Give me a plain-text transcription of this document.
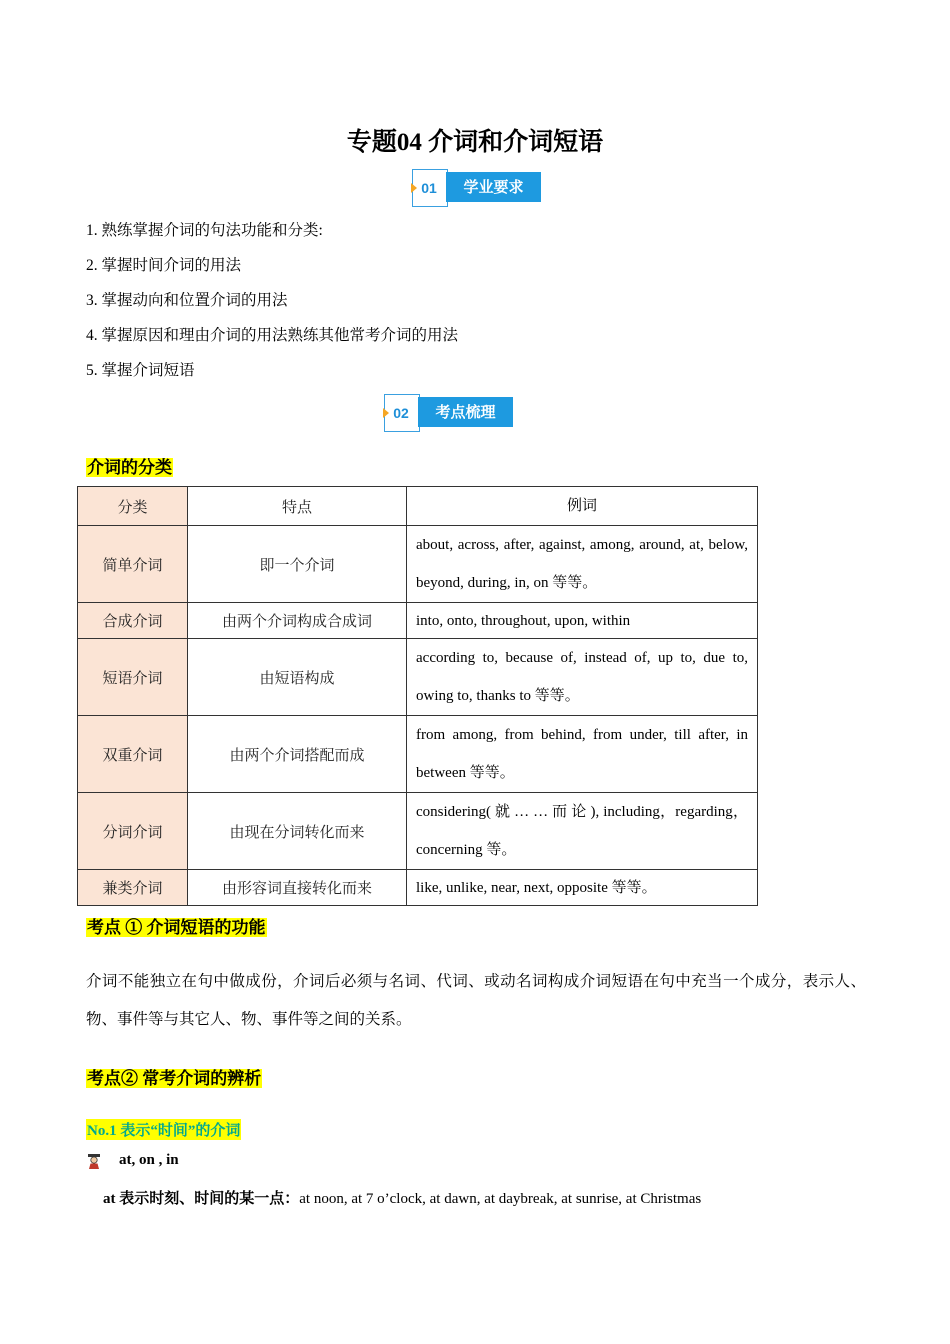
专题04 介词和介词短语
01	学业要求
1. 熟练掌握介词的句法功能和分类:
2. 掌握时间介词的用法
3. 掌握动向和位置介词的用法
4. 掌握原因和理由介词的用法熟练其他常考介词的用法
5. 掌握介词短语
02	考点梳理
介词的分类
分类	特点	例词
简单介词	即一个介词	about, across, after, against, among, around, at, below, beyond, during, in, on 等等。
合成介词	由两个介词构成合成词	into, onto, throughout, upon, within
短语介词	由短语构成	according to, because of, instead of, up to, due to, owing to, thanks to 等等。
双重介词	由两个介词搭配而成	from among, from behind, from under, till after, in between 等等。
分词介词	由现在分词转化而来	considering( 就 … … 而 论 ), including，regarding，concerning 等。
兼类介词	由形容词直接转化而来	like, unlike, near, next, opposite 等等。
考点 ① 介词短语的功能
介词不能独立在句中做成份，介词后必须与名词、代词、或动名词构成介词短语在句中充当一个成分，表示人、物、事件等与其它人、物、事件等之间的关系。
考点② 常考介词的辨析
No.1 表示“时间”的介词
at, on , in
at 表示时刻、时间的某一点：at noon, at 7 o’clock, at dawn, at daybreak, at sunrise, at Christmas
